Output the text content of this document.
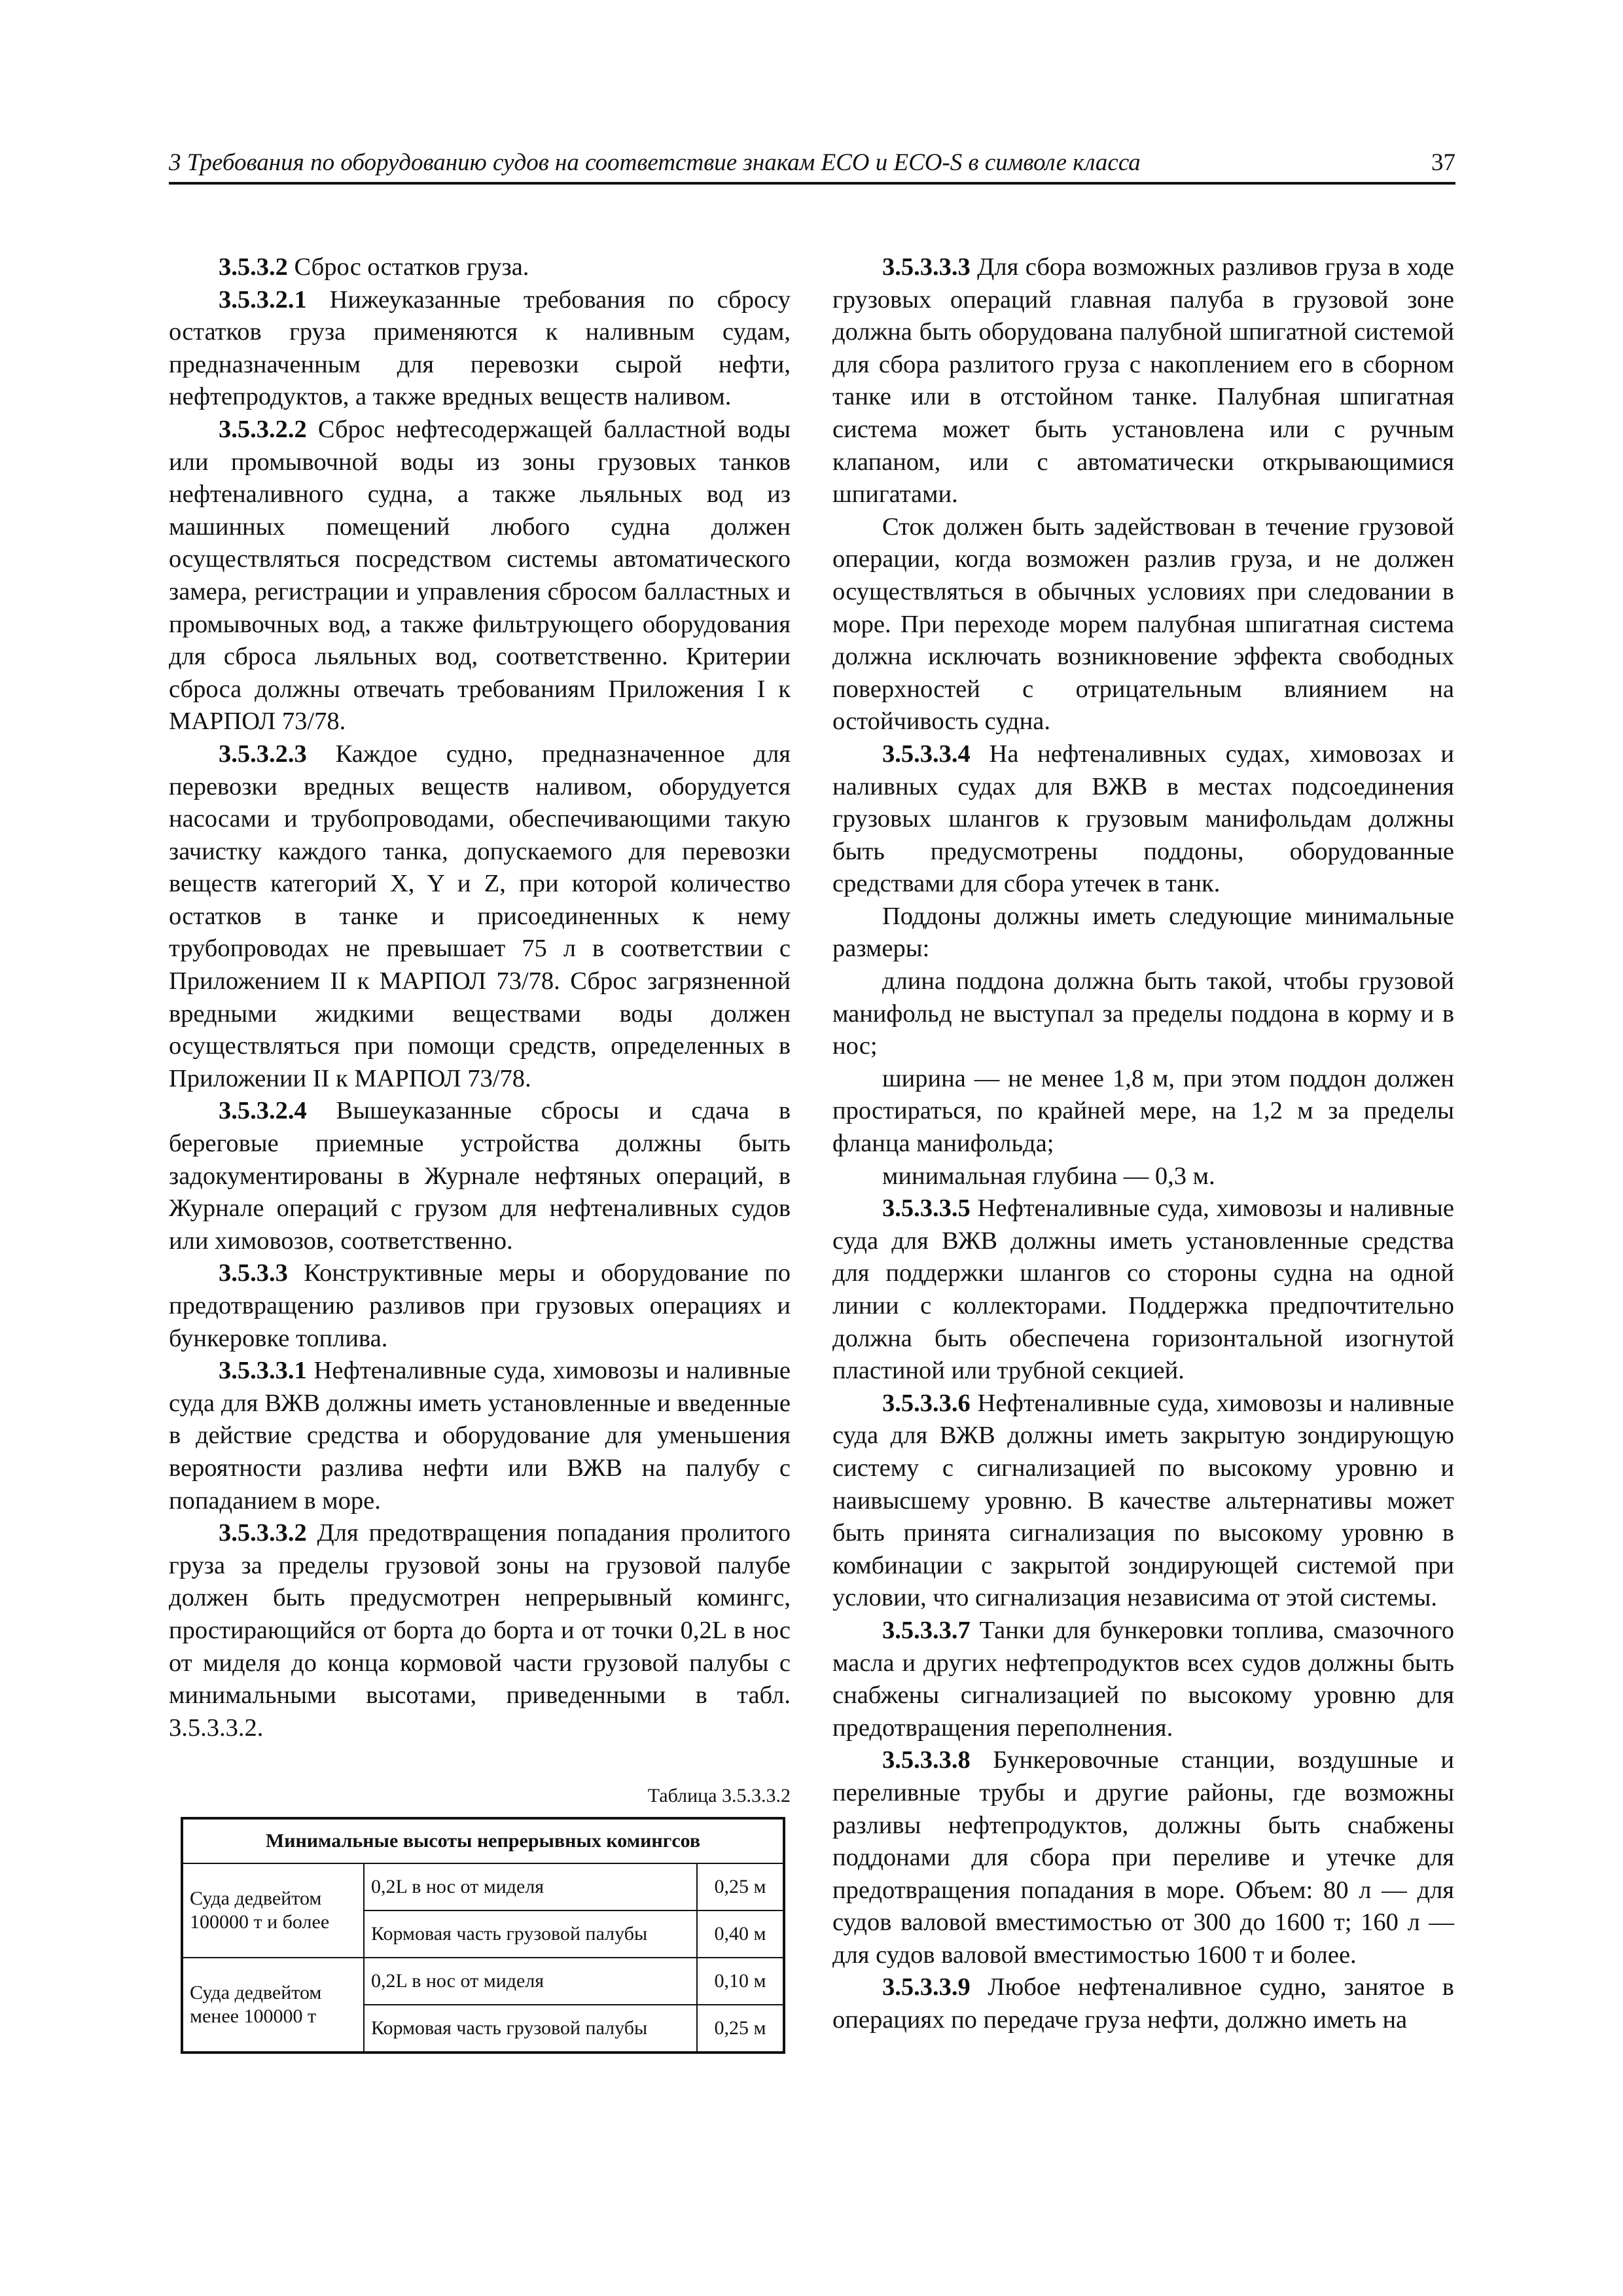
3 Требования по оборудованию судов на соответствие знакам ECO и ECO-S в символе класса	37

3.5.3.2 Сброс остатков груза.

3.5.3.2.1 Нижеуказанные требования по сбросу остатков груза применяются к наливным судам, предназначенным для перевозки сырой нефти, нефтепродуктов, а также вредных веществ наливом.

3.5.3.2.2 Сброс нефтесодержащей балластной воды или промывочной воды из зоны грузовых танков нефтеналивного судна, а также льяльных вод из машинных помещений любого судна должен осуществляться посредством системы автоматического замера, регистрации и управления сбросом балластных и промывочных вод, а также фильтрующего оборудования для сброса льяльных вод, соответственно. Критерии сброса должны отвечать требованиям Приложения I к МАРПОЛ 73/78.

3.5.3.2.3 Каждое судно, предназначенное для перевозки вредных веществ наливом, оборудуется насосами и трубопроводами, обеспечивающими такую зачистку каждого танка, допускаемого для перевозки веществ категорий X, Y и Z, при которой количество остатков в танке и присоединенных к нему трубопроводах не превышает 75 л в соответствии с Приложением II к МАРПОЛ 73/78. Сброс загрязненной вредными жидкими веществами воды должен осуществляться при помощи средств, определенных в Приложении II к МАРПОЛ 73/78.

3.5.3.2.4 Вышеуказанные сбросы и сдача в береговые приемные устройства должны быть задокументированы в Журнале нефтяных операций, в Журнале операций с грузом для нефтеналивных судов или химовозов, соответственно.

3.5.3.3 Конструктивные меры и оборудование по предотвращению разливов при грузовых операциях и бункеровке топлива.

3.5.3.3.1 Нефтеналивные суда, химовозы и наливные суда для ВЖВ должны иметь установленные и введенные в действие средства и оборудование для уменьшения вероятности разлива нефти или ВЖВ на палубу с попаданием в море.

3.5.3.3.2 Для предотвращения попадания пролитого груза за пределы грузовой зоны на грузовой палубе должен быть предусмотрен непрерывный комингс, простирающийся от борта до борта и от точки 0,2L в нос от миделя до конца кормовой части грузовой палубы с минимальными высотами, приведенными в табл. 3.5.3.3.2.

Таблица 3.5.3.3.2
Минимальные высоты непрерывных комингсов		
Суда дедвейтом 100000 т и более	0,2L в нос от миделя	0,25 м
	Кормовая часть грузовой палубы	0,40 м
Суда дедвейтом менее 100000 т	0,2L в нос от миделя	0,10 м
	Кормовая часть грузовой палубы	0,25 м

3.5.3.3.3 Для сбора возможных разливов груза в ходе грузовых операций главная палуба в грузовой зоне должна быть оборудована палубной шпигатной системой для сбора разлитого груза с накоплением его в сборном танке или в отстойном танке. Палубная шпигатная система может быть установлена или с ручным клапаном, или с автоматически открывающимися шпигатами.

Сток должен быть задействован в течение грузовой операции, когда возможен разлив груза, и не должен осуществляться в обычных условиях при следовании в море. При переходе морем палубная шпигатная система должна исключать возникновение эффекта свободных поверхностей с отрицательным влиянием на остойчивость судна.

3.5.3.3.4 На нефтеналивных судах, химовозах и наливных судах для ВЖВ в местах подсоединения грузовых шлангов к грузовым манифольдам должны быть предусмотрены поддоны, оборудованные средствами для сбора утечек в танк.

Поддоны должны иметь следующие минимальные размеры:

длина поддона должна быть такой, чтобы грузовой манифольд не выступал за пределы поддона в корму и в нос;

ширина — не менее 1,8 м, при этом поддон должен простираться, по крайней мере, на 1,2 м за пределы фланца манифольда;

минимальная глубина — 0,3 м.

3.5.3.3.5 Нефтеналивные суда, химовозы и наливные суда для ВЖВ должны иметь установленные средства для поддержки шлангов со стороны судна на одной линии с коллекторами. Поддержка предпочтительно должна быть обеспечена горизонтальной изогнутой пластиной или трубной секцией.

3.5.3.3.6 Нефтеналивные суда, химовозы и наливные суда для ВЖВ должны иметь закрытую зондирующую систему с сигнализацией по высокому уровню и наивысшему уровню. В качестве альтернативы может быть принята сигнализация по высокому уровню в комбинации с закрытой зондирующей системой при условии, что сигнализация независима от этой системы.

3.5.3.3.7 Танки для бункеровки топлива, смазочного масла и других нефтепродуктов всех судов должны быть снабжены сигнализацией по высокому уровню для предотвращения переполнения.

3.5.3.3.8 Бункеровочные станции, воздушные и переливные трубы и другие районы, где возможны разливы нефтепродуктов, должны быть снабжены поддонами для сбора при переливе и утечке для предотвращения попадания в море. Объем: 80 л — для судов валовой вместимостью от 300 до 1600 т; 160 л — для судов валовой вместимостью 1600 т и более.

3.5.3.3.9 Любое нефтеналивное судно, занятое в операциях по передаче груза нефти, должно иметь на
